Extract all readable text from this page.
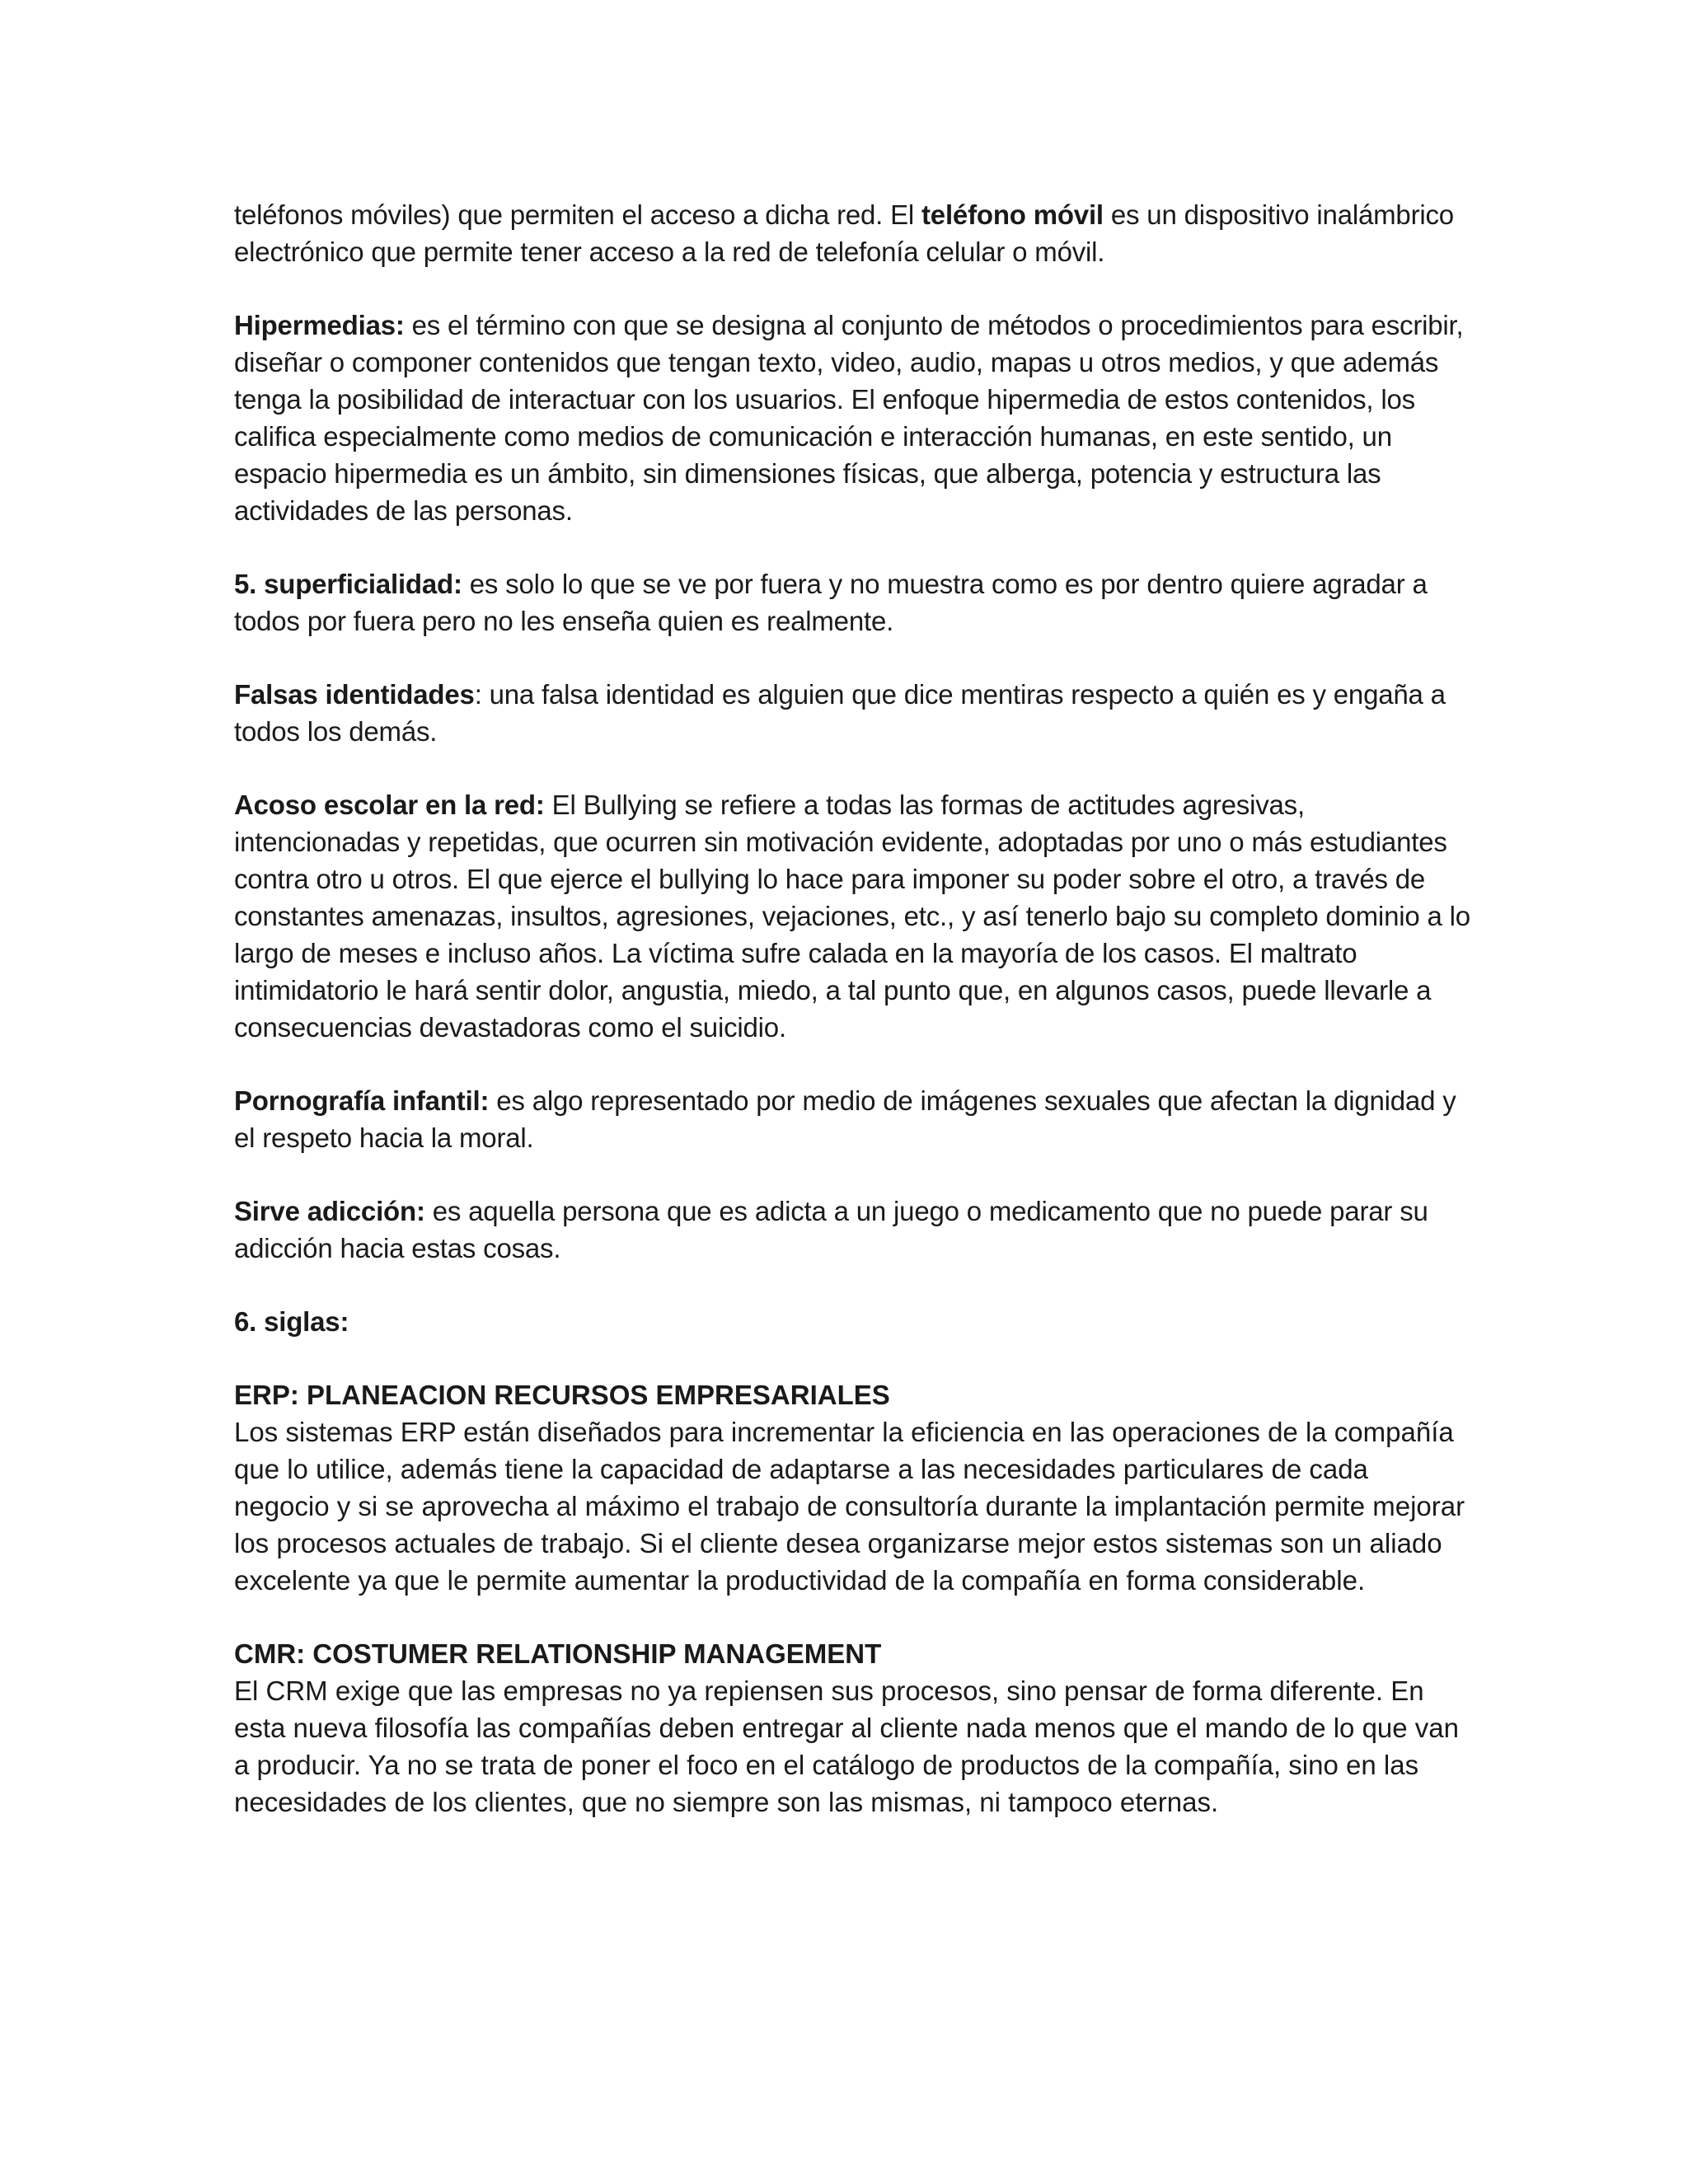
teléfonos móviles) que permiten el acceso a dicha red. El teléfono móvil es un dispositivo inalámbrico electrónico que permite tener acceso a la red de telefonía celular o móvil.

Hipermedias: es el término con que se designa al conjunto de métodos o procedimientos para escribir, diseñar o componer contenidos que tengan texto, video, audio, mapas u otros medios, y que además tenga la posibilidad de interactuar con los usuarios. El enfoque hipermedia de estos contenidos, los califica especialmente como medios de comunicación e interacción humanas, en este sentido, un espacio hipermedia es un ámbito, sin dimensiones físicas, que alberga, potencia y estructura las actividades de las personas.

5. superficialidad: es solo lo que se ve por fuera y no muestra como es por dentro quiere agradar a todos por fuera pero no les enseña quien es realmente.

Falsas identidades: una falsa identidad es alguien que dice mentiras respecto a quién es y engaña a todos los demás.

Acoso escolar en la red: El Bullying se refiere a todas las formas de actitudes agresivas, intencionadas y repetidas, que ocurren sin motivación evidente, adoptadas por uno o más estudiantes contra otro u otros. El que ejerce el bullying lo hace para imponer su poder sobre el otro, a través de constantes amenazas, insultos, agresiones, vejaciones, etc., y así tenerlo bajo su completo dominio a lo largo de meses e incluso años. La víctima sufre calada en la mayoría de los casos. El maltrato intimidatorio le hará sentir dolor, angustia, miedo, a tal punto que, en algunos casos, puede llevarle a consecuencias devastadoras como el suicidio.

Pornografía infantil: es algo representado por medio de imágenes sexuales que afectan la dignidad y el respeto hacia la moral.

Sirve adicción: es aquella persona que es adicta a un juego o medicamento que no puede parar su adicción hacia estas cosas.

6. siglas:

ERP: PLANEACION RECURSOS EMPRESARIALES
Los sistemas ERP están diseñados para incrementar la eficiencia en las operaciones de la compañía que lo utilice, además tiene la capacidad de adaptarse a las necesidades particulares de cada negocio y si se aprovecha al máximo el trabajo de consultoría durante la implantación permite mejorar los procesos actuales de trabajo. Si el cliente desea organizarse mejor estos sistemas son un aliado excelente ya que le permite aumentar la productividad de la compañía en forma considerable.
CMR: COSTUMER RELATIONSHIP MANAGEMENT
El CRM exige que las empresas no ya repiensen sus procesos, sino pensar de forma diferente. En esta nueva filosofía las compañías deben entregar al cliente nada menos que el mando de lo que van a producir. Ya no se trata de poner el foco en el catálogo de productos de la compañía, sino en las necesidades de los clientes, que no siempre son las mismas, ni tampoco eternas.
